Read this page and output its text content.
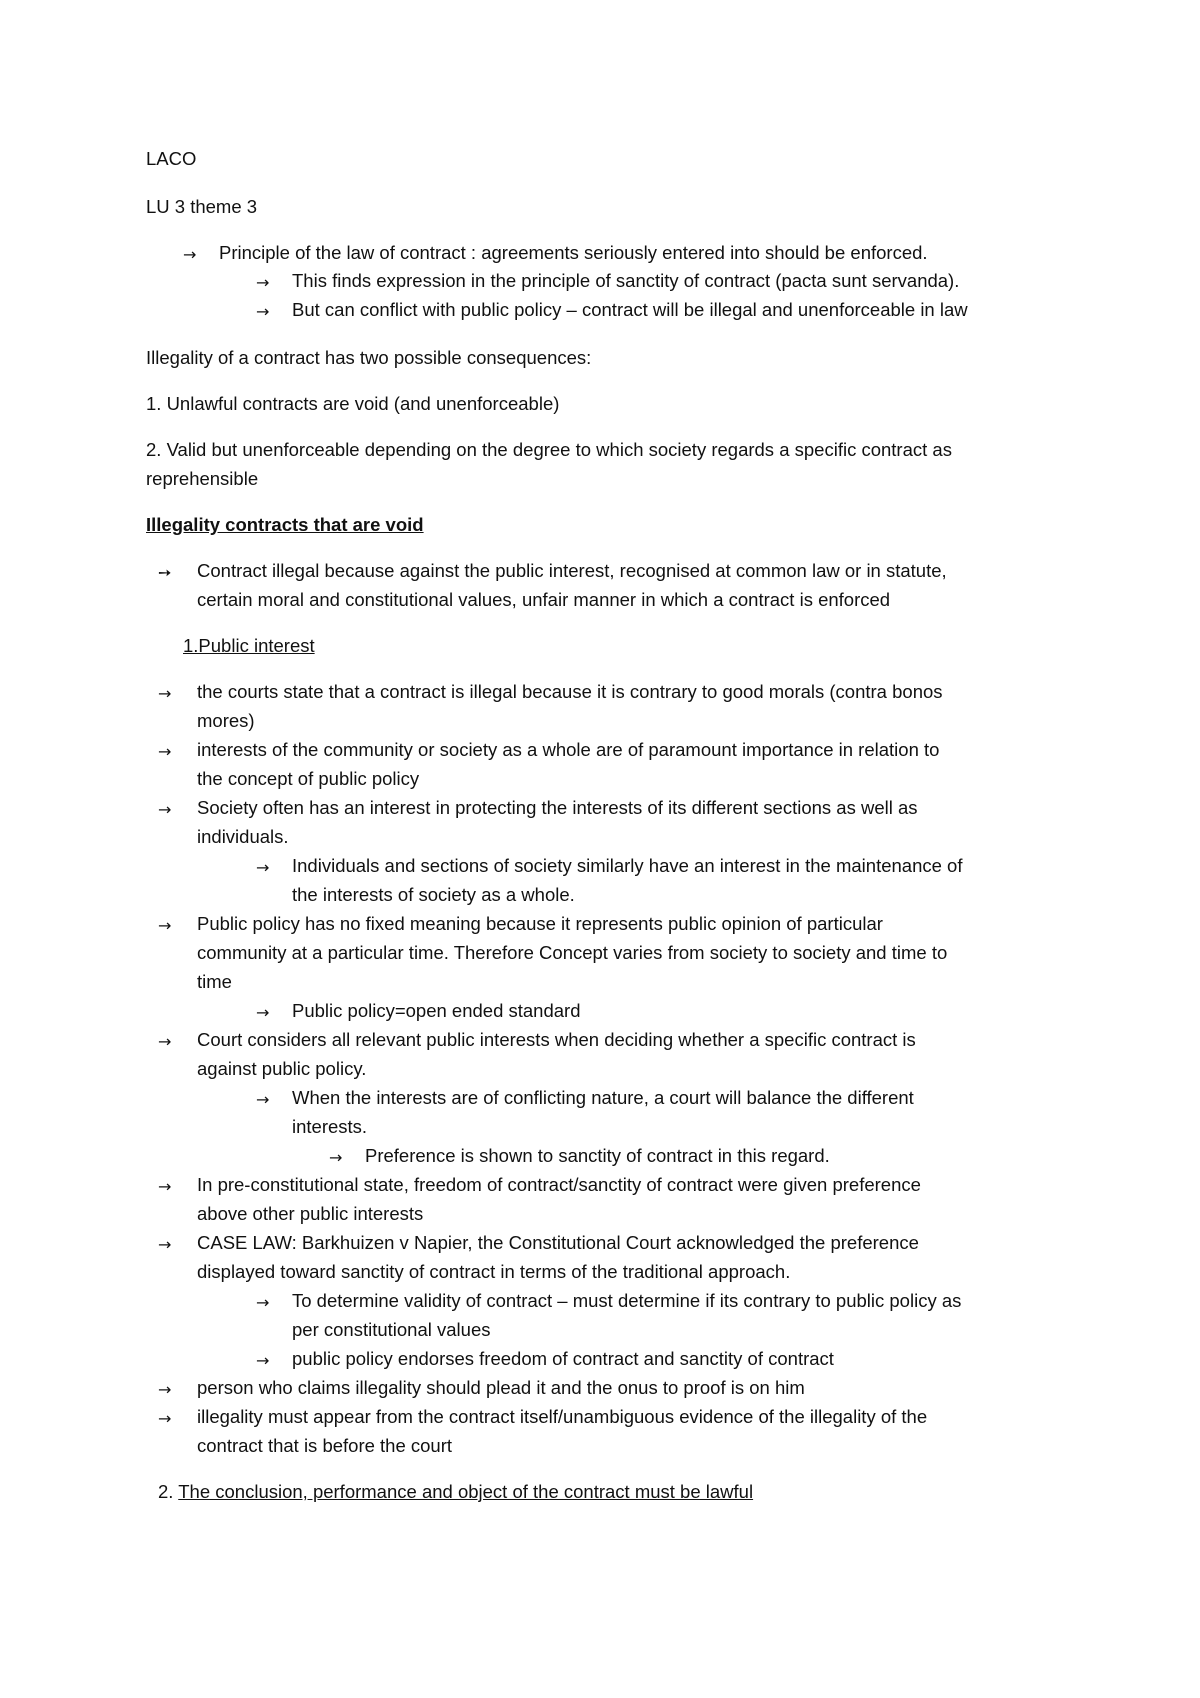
LACO
LU 3 theme 3
→ Principle of the law of contract : agreements seriously entered into should be enforced.
→ This finds expression in the principle of sanctity of contract (pacta sunt servanda).
→ But can conflict with public policy – contract will be illegal and unenforceable in law
Illegality of a contract has two possible consequences:
1. Unlawful contracts are void (and unenforceable)
2. Valid but unenforceable depending on the degree to which society regards a specific contract as
reprehensible
Illegality contracts that are void
➙ Contract illegal because against the public interest, recognised at common law or in statute,
certain moral and constitutional values, unfair manner in which a contract is enforced
1.Public interest
→ the courts state that a contract is illegal because it is contrary to good morals (contra bonos
mores)
→ interests of the community or society as a whole are of paramount importance in relation to
the concept of public policy
→ Society often has an interest in protecting the interests of its different sections as well as
individuals.
→ Individuals and sections of society similarly have an interest in the maintenance of
the interests of society as a whole.
→ Public policy has no fixed meaning because it represents public opinion of particular
community at a particular time. Therefore Concept varies from society to society and time to
time
→ Public policy=open ended standard
→ Court considers all relevant public interests when deciding whether a specific contract is
against public policy.
→ When the interests are of conflicting nature, a court will balance the different
interests.
→ Preference is shown to sanctity of contract in this regard.
→ In pre-constitutional state, freedom of contract/sanctity of contract were given preference
above other public interests
→ CASE LAW: Barkhuizen v Napier, the Constitutional Court acknowledged the preference
displayed toward sanctity of contract in terms of the traditional approach.
→ To determine validity of contract – must determine if its contrary to public policy as
per constitutional values
→ public policy endorses freedom of contract and sanctity of contract
→ person who claims illegality should plead it and the onus to proof is on him
→ illegality must appear from the contract itself/unambiguous evidence of the illegality of the
contract that is before the court
2. The conclusion, performance and object of the contract must be lawful
